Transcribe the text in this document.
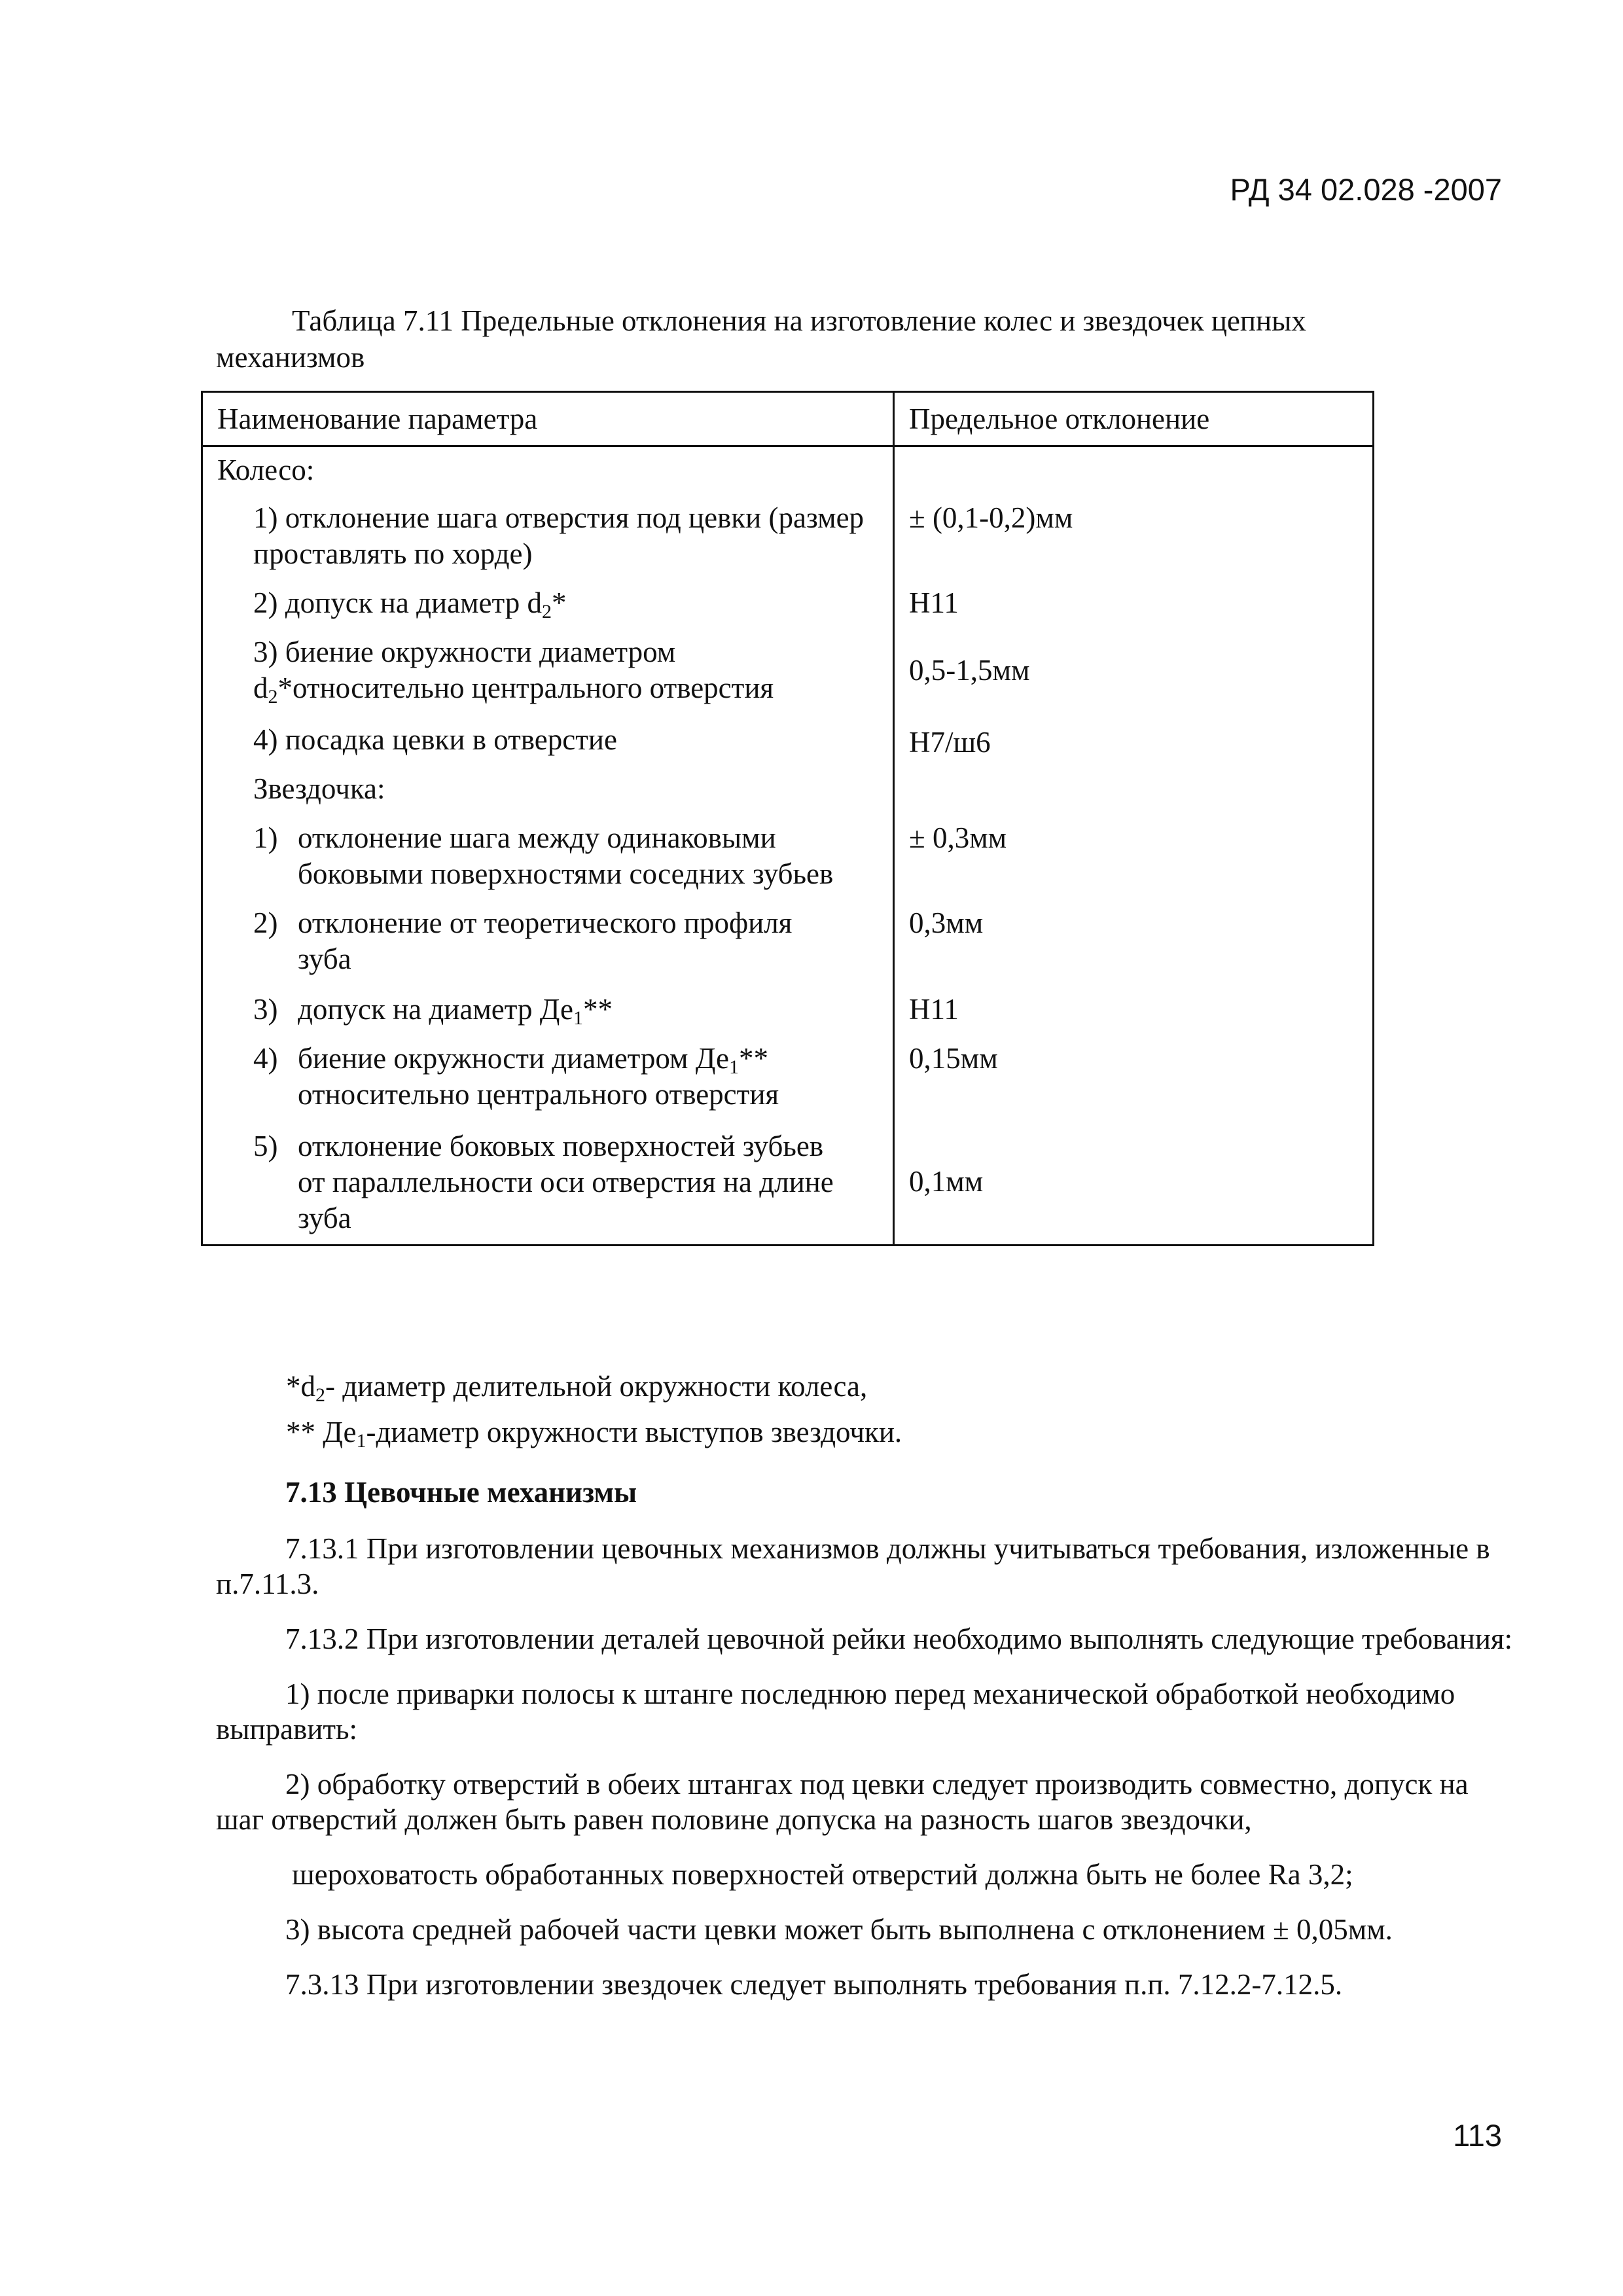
РД 34 02.028 -2007
Таблица 7.11 Предельные отклонения на изготовление колес и звездочек цепных
механизмов
Наименование параметра	Предельное отклонение
Колесо:	
1) отклонение шага отверстия под цевки (размер проставлять по хорде)	± (0,1-0,2)мм
2) допуск на диаметр $d_2*$	H11
3) биение окружности диаметром $d_2*относительно$ центрального отверстия	0,5-1,5мм
4) посадка цевки в отверстие	H7/ш6
Звездочка:	

1) отклонение шага между одинаковыми боковыми поверхностями соседних зубьев	± 0,3мм

2) отклонение от теоретического профиля зуба	0,3мм

3) допуск на диаметр $Де_1**$	H11

4) биение окружности диаметром $Де_1**$ относительно центрального отверстия	0,15мм

5) отклонение боковых поверхностей зубьев от параллельности оси отверстия на длине зуба	0,1мм
$*d_2-$ диаметр делительной окружности колеса,
** $Де_1$-диаметр окружности выступов звездочки.
7.13 Цевочные механизмы
7.13.1 При изготовлении цевочных механизмов должны учитываться требования, изложенные в п.7.11.3.
7.13.2 При изготовлении деталей цевочной рейки необходимо выполнять следующие требования:
1) после приварки полосы к штанге последнюю перед механической обработкой необходимо выправить:
2) обработку отверстий в обеих штангах под цевки следует производить совместно, допуск на шаг отверстий должен быть равен половине допуска на разность шагов звездочки,
шероховатость обработанных поверхностей отверстий должна быть не более Ra 3,2;
3) высота средней рабочей части цевки может быть выполнена с отклонением ± 0,05мм.
7.3.13 При изготовлении звездочек следует выполнять требования п.п. 7.12.2-7.12.5.
113
